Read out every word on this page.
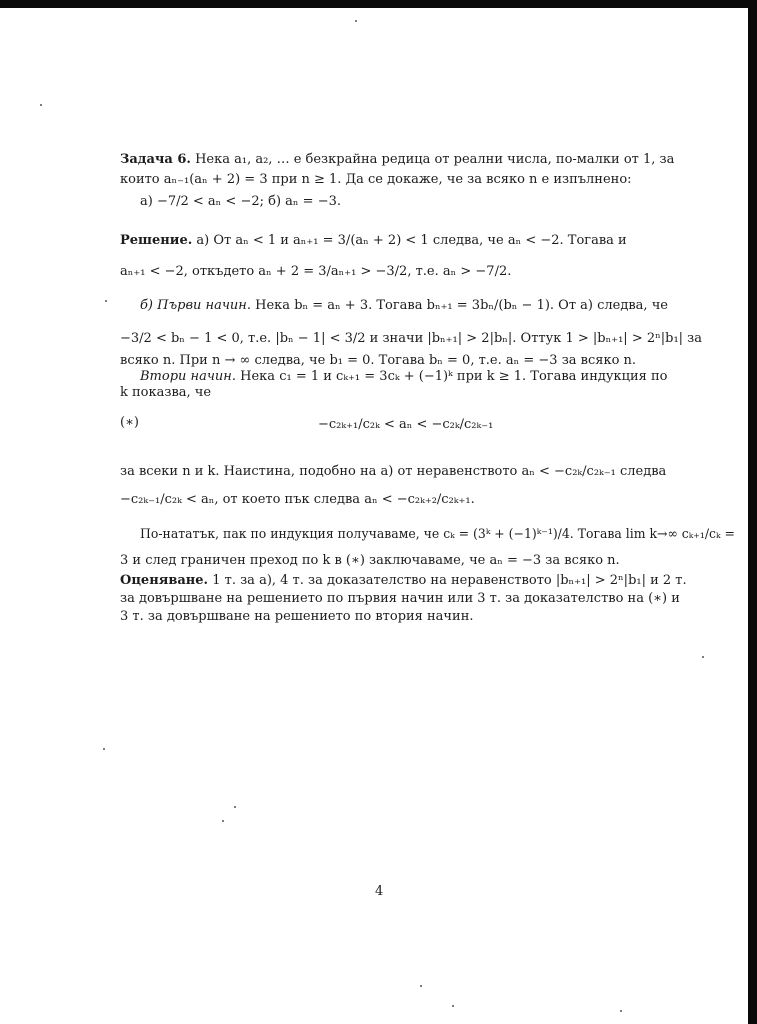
Задача 6. Нека a₁, a₂, … е безкрайна редица от реални числа, по-малки от 1, за
които aₙ₋₁(aₙ + 2) = 3 при n ≥ 1. Да се докаже, че за всяко n е изпълнено:
а) −7/2 < aₙ < −2; б) aₙ = −3.
Решение. а) От aₙ < 1 и aₙ₊₁ = 3/(aₙ + 2) < 1 следва, че aₙ < −2. Тогава и
aₙ₊₁ < −2, откъдето aₙ + 2 = 3/aₙ₊₁ > −3/2, т.е. aₙ > −7/2.
б) Първи начин. Нека bₙ = aₙ + 3. Тогава bₙ₊₁ = 3bₙ/(bₙ − 1). От а) следва, че
−3/2 < bₙ − 1 < 0, т.е. |bₙ − 1| < 3/2 и значи |bₙ₊₁| > 2|bₙ|. Оттук 1 > |bₙ₊₁| > 2ⁿ|b₁| за
всяко n. При n → ∞ следва, че b₁ = 0. Тогава bₙ = 0, т.е. aₙ = −3 за всяко n.
Втори начин. Нека c₁ = 1 и cₖ₊₁ = 3cₖ + (−1)ᵏ при k ≥ 1. Тогава индукция по
k показва, че
(∗)	−c₂ₖ₊₁/c₂ₖ < aₙ < −c₂ₖ/c₂ₖ₋₁
за всеки n и k. Наистина, подобно на а) от неравенството aₙ < −c₂ₖ/c₂ₖ₋₁ следва
−c₂ₖ₋₁/c₂ₖ < aₙ, от което пък следва aₙ < −c₂ₖ₊₂/c₂ₖ₊₁.
По-нататък, пак по индукция получаваме, че cₖ = (3ᵏ + (−1)ᵏ⁻¹)/4. Тогава lim k→∞ cₖ₊₁/cₖ =
3 и след граничен преход по k в (∗) заключаваме, че aₙ = −3 за всяко n.
Оценяване. 1 т. за а), 4 т. за доказателство на неравенството |bₙ₊₁| > 2ⁿ|b₁| и 2 т.
за довършване на решението по първия начин или 3 т. за доказателство на (∗) и
3 т. за довършване на решението по втория начин.
4
